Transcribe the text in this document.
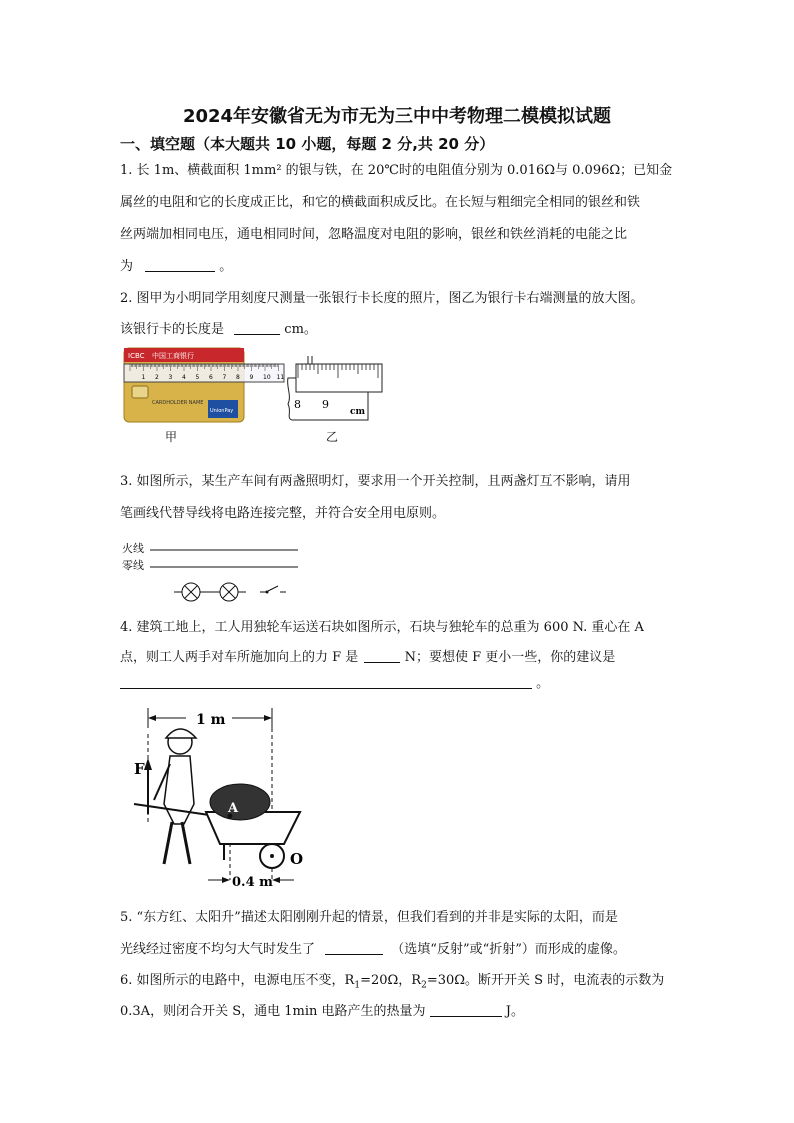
2024年安徽省无为市无为三中中考物理二模模拟试题
一、填空题（本大题共 10 小题，每题 2 分,共 20 分）
1. 长 1m、横截面积 1mm² 的银与铁，在 20℃时的电阻值分别为 0.016Ω与 0.096Ω；已知金
属丝的电阻和它的长度成正比，和它的横截面积成反比。在长短与粗细完全相同的银丝和铁
丝两端加相同电压，通电相同时间，忽略温度对电阻的影响，银丝和铁丝消耗的电能之比
为	。
2. 图甲为小明同学用刻度尺测量一张银行卡长度的照片，图乙为银行卡右端测量的放大图。
该银行卡的长度是	cm。
ICBC 中国工商银行
CARDHOLDER NAME
UnionPay
1 2 3 4 5 6 7 8 9 10 11
甲
8 9
cm
乙
3. 如图所示，某生产车间有两盏照明灯，要求用一个开关控制，且两盏灯互不影响，请用
笔画线代替导线将电路连接完整，并符合安全用电原则。
火线
零线
4. 建筑工地上，工人用独轮车运送石块如图所示，石块与独轮车的总重为 600 N. 重心在 A
点，则工人两手对车所施加向上的力 F 是	N；要想使 F 更小一些，你的建议是
。
1 m
F
A
O
0.4 m
5. “东方红、太阳升”描述太阳刚刚升起的情景，但我们看到的并非是实际的太阳，而是
光线经过密度不均匀大气时发生了	（选填“反射”或“折射”）而形成的虚像。
6. 如图所示的电路中，电源电压不变，$R_1=20\Omega$，$R_2=30\Omega$。断开开关 S 时，电流表的示数为
0.3A，则闭合开关 S，通电 1min 电路产生的热量为	J。
